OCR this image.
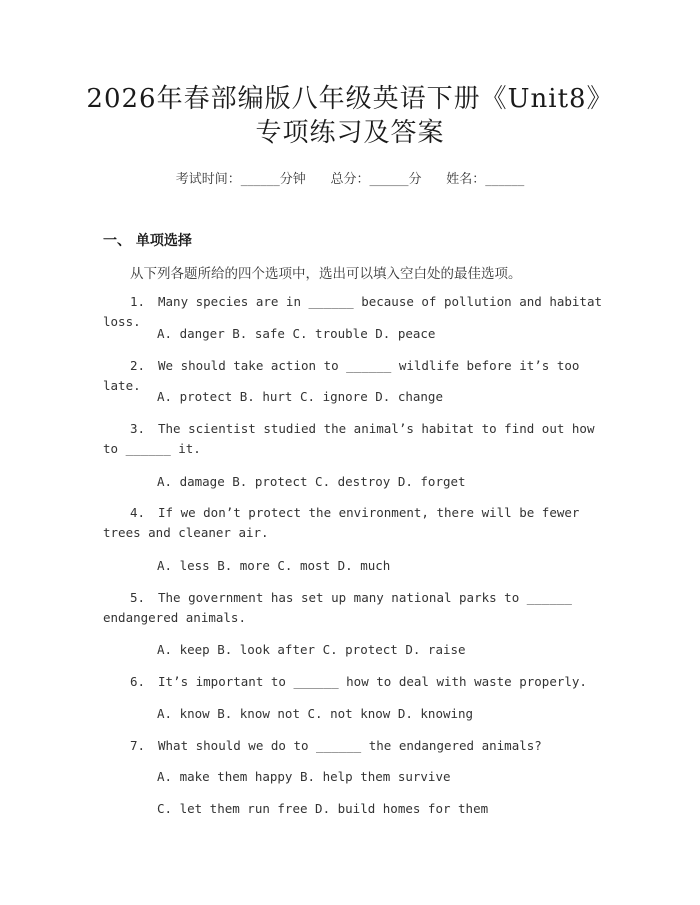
2026年春部编版八年级英语下册《Unit8》
专项练习及答案
考试时间：______分钟      总分：______分      姓名：______
一、 单项选择
从下列各题所给的四个选项中，选出可以填入空白处的最佳选项。
1. Many species are in ______ because of pollution and habitat loss.
A. danger B. safe C. trouble D. peace
2. We should take action to ______ wildlife before it’s too late.
A. protect B. hurt C. ignore D. change
3. The scientist studied the animal’s habitat to find out how to ______ it.
A. damage B. protect C. destroy D. forget
4. If we don’t protect the environment, there will be fewer trees and cleaner air.
A. less B. more C. most D. much
5. The government has set up many national parks to ______ endangered animals.
A. keep B. look after C. protect D. raise
6. It’s important to ______ how to deal with waste properly.
A. know B. know not C. not know D. knowing
7. What should we do to ______ the endangered animals?
A. make them happy B. help them survive
C. let them run free D. build homes for them
